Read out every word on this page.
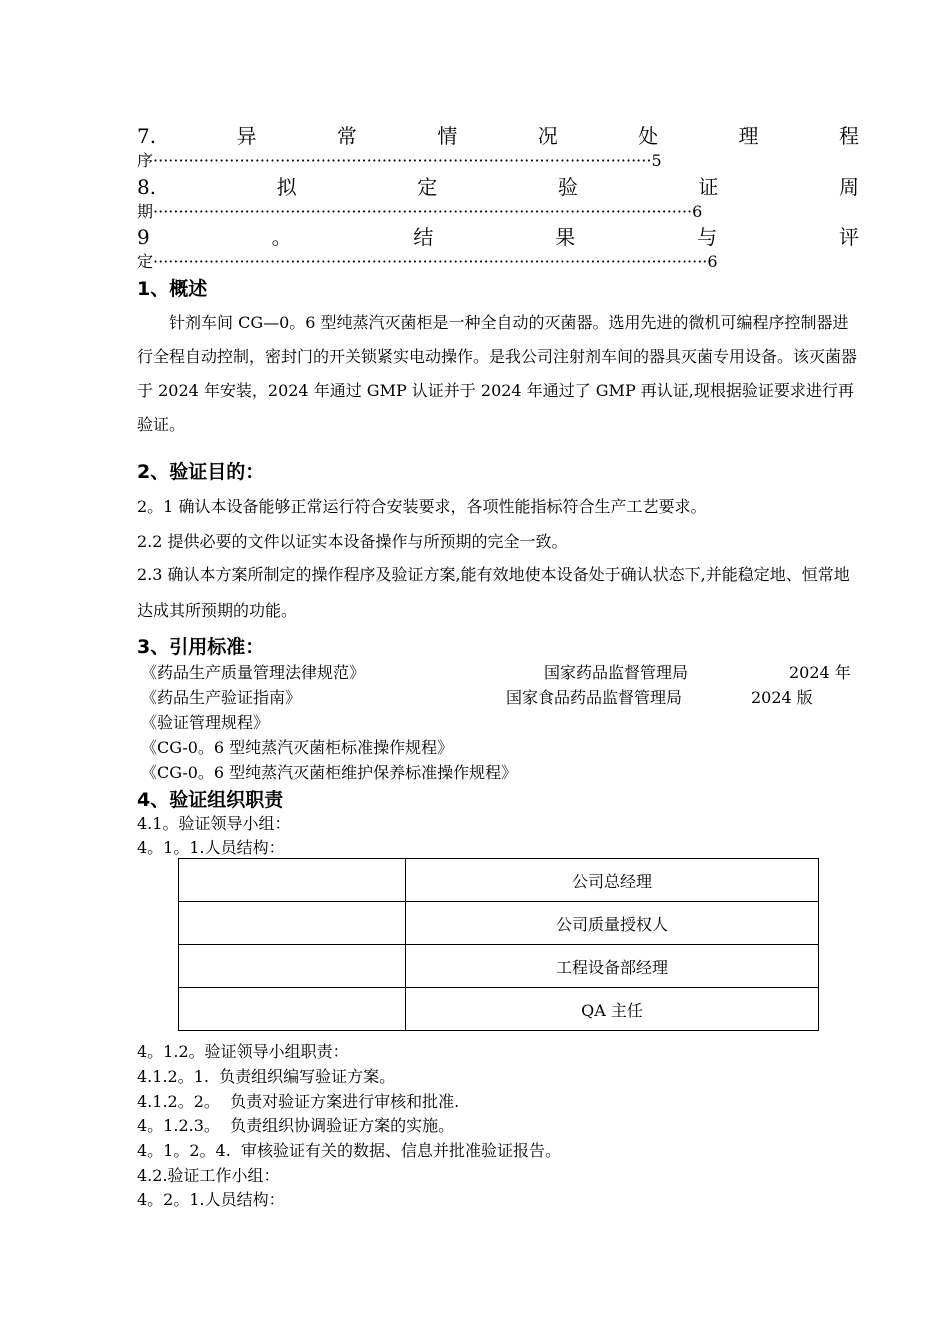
7.	异	常	情	况	处	理	程
序··································································································5
8.	拟	定	验	证	周
期··········································································································6
9	。	结	果	与	评
定·············································································································6
1、概述
针剂车间 CG—0。6 型纯蒸汽灭菌柜是一种全自动的灭菌器。选用先进的微机可编程序控制器进行全程自动控制，密封门的开关锁紧实电动操作。是我公司注射剂车间的器具灭菌专用设备。该灭菌器于 2024 年安装，2024 年通过 GMP 认证并于 2024 年通过了 GMP 再认证,现根据验证要求进行再验证。
2、验证目的：
2。1 确认本设备能够正常运行符合安装要求，各项性能指标符合生产工艺要求。
2.2 提供必要的文件以证实本设备操作与所预期的完全一致。
2.3 确认本方案所制定的操作程序及验证方案,能有效地使本设备处于确认状态下,并能稳定地、恒常地达成其所预期的功能。
3、引用标准：
《药品生产质量管理法律规范》	国家药品监督管理局	2024 年
《药品生产验证指南》	国家食品药品监督管理局	2024 版
《验证管理规程》
《CG-0。6 型纯蒸汽灭菌柜标准操作规程》
《CG-0。6 型纯蒸汽灭菌柜维护保养标准操作规程》
4、验证组织职责
4.1。验证领导小组：
4。1。1.人员结构：
	公司总经理
	公司质量授权人
	工程设备部经理
	QA 主任
4。1.2。验证领导小组职责：
4.1.2。1.  负责组织编写验证方案。
4.1.2。2。  负责对验证方案进行审核和批准.
4。1.2.3。  负责组织协调验证方案的实施。
4。1。2。4.  审核验证有关的数据、信息并批准验证报告。
4.2.验证工作小组：
4。2。1.人员结构：
